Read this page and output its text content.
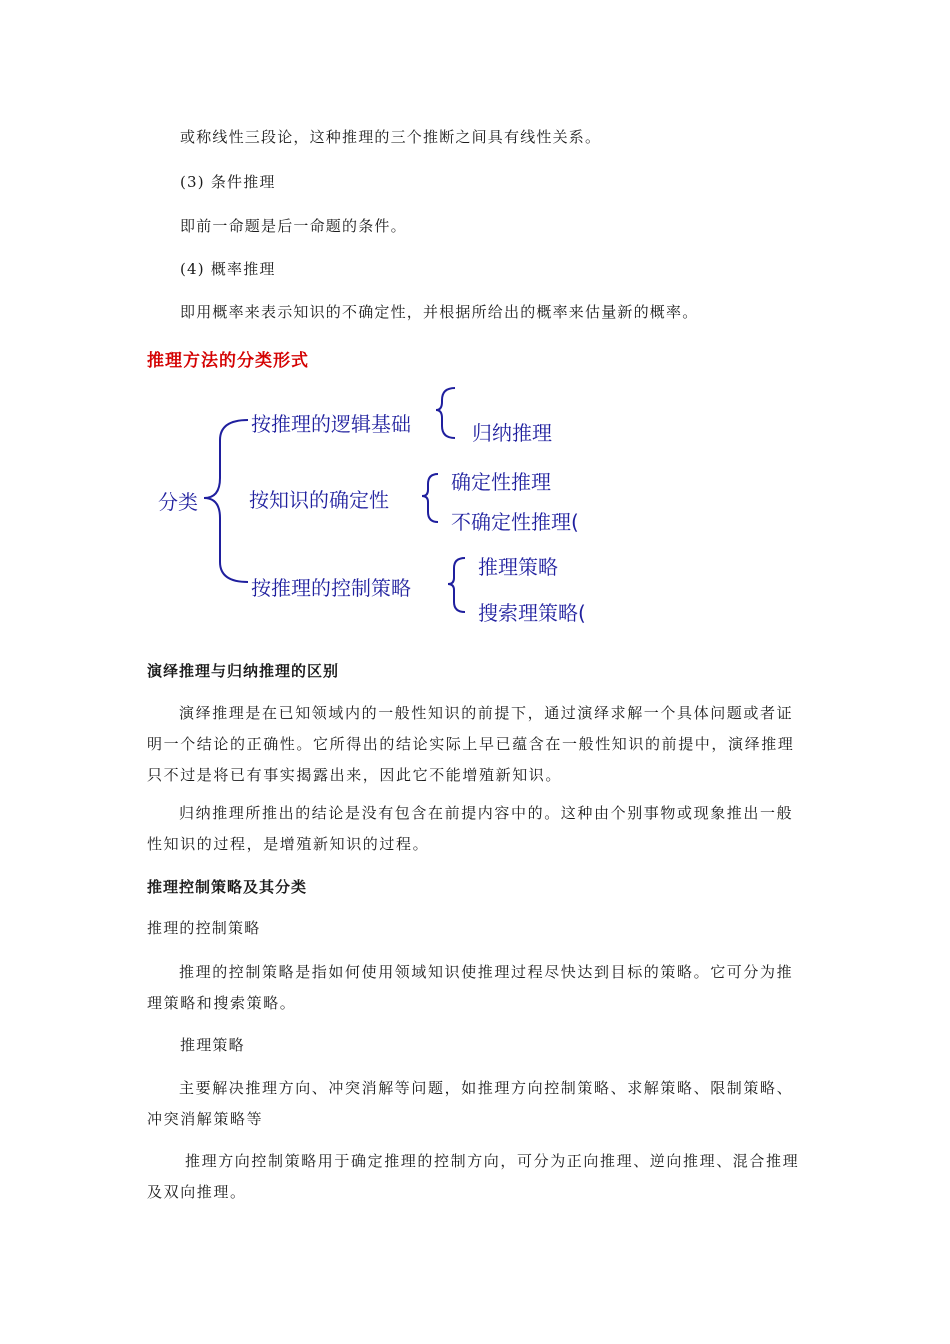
或称线性三段论，这种推理的三个推断之间具有线性关系。
(3) 条件推理
即前一命题是后一命题的条件。
(4) 概率推理
即用概率来表示知识的不确定性，并根据所给出的概率来估量新的概率。
推理方法的分类形式
分类
按推理的逻辑基础	归纳推理
按知识的确定性
确定性推理
不确定性推理(
按推理的控制策略
推理策略
搜索理策略(
演绎推理与归纳推理的区别
演绎推理是在已知领域内的一般性知识的前提下，通过演绎求解一个具体问题或者证
明一个结论的正确性。它所得出的结论实际上早已蕴含在一般性知识的前提中，演绎推理
只不过是将已有事实揭露出来，因此它不能增殖新知识。
归纳推理所推出的结论是没有包含在前提内容中的。这种由个别事物或现象推出一般
性知识的过程，是增殖新知识的过程。
推理控制策略及其分类
推理的控制策略
推理的控制策略是指如何使用领域知识使推理过程尽快达到目标的策略。它可分为推
理策略和搜索策略。
推理策略
主要解决推理方向、冲突消解等问题，如推理方向控制策略、求解策略、限制策略、
冲突消解策略等
推理方向控制策略用于确定推理的控制方向，可分为正向推理、逆向推理、混合推理
及双向推理。
